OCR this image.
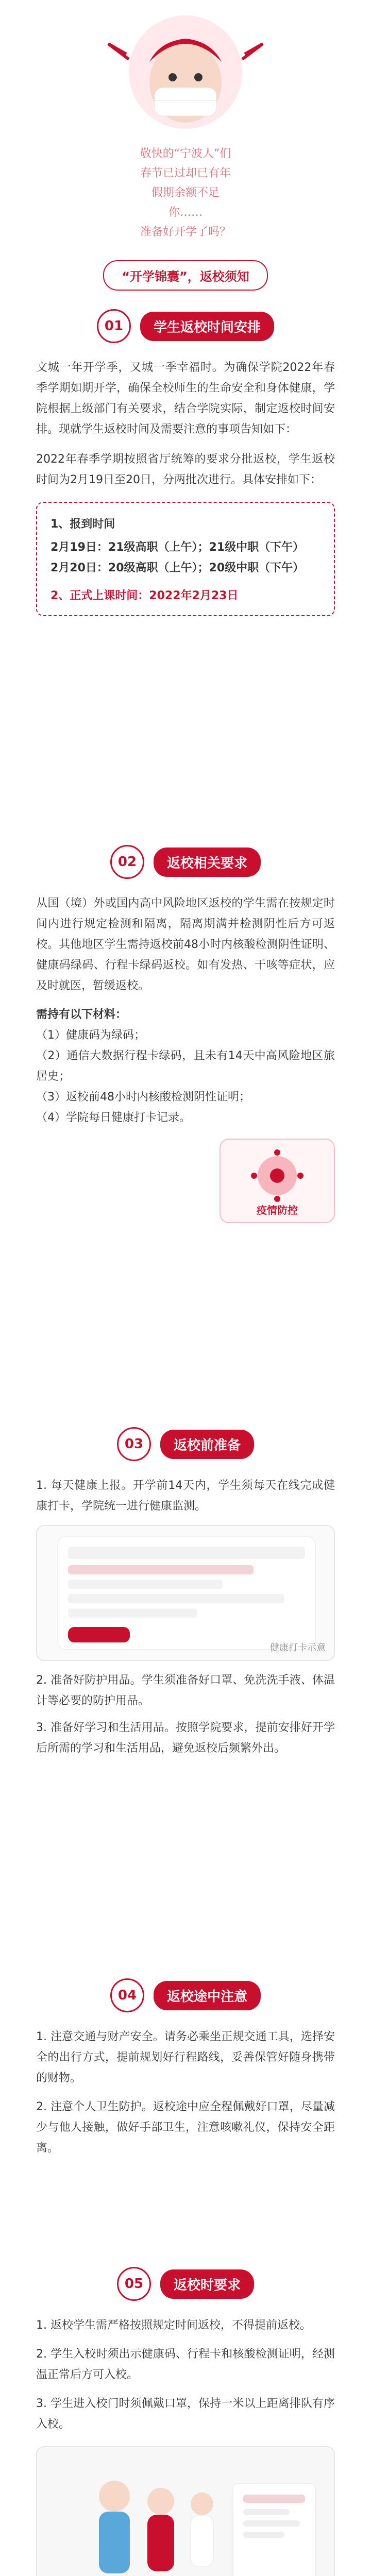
敬快的“宁波人”们
春节已过却已有年
假期余额不足
你……
准备好开学了吗？
“开学锦囊”，返校须知
01	学生返校时间安排
文城一年开学季，又城一季幸福时。为确保学院2022年春季学期如期开学，确保全校师生的生命安全和身体健康，学院根据上级部门有关要求，结合学院实际，制定返校时间安排。现就学生返校时间及需要注意的事项告知如下：
2022年春季学期按照省厅统筹的要求分批返校，学生返校时间为2月19日至20日，分两批次进行。具体安排如下：
1、报到时间
2月19日：21级高职（上午）；21级中职（下午）
2月20日：20级高职（上午）；20级中职（下午）
2、正式上课时间：2022年2月23日
02	返校相关要求
从国（境）外或国内高中风险地区返校的学生需在按规定时间内进行规定检测和隔离，隔离期满并检测阴性后方可返校。其他地区学生需持返校前48小时内核酸检测阴性证明、健康码绿码、行程卡绿码返校。如有发热、干咳等症状，应及时就医，暂缓返校。
需持有以下材料：
（1）健康码为绿码；
（2）通信大数据行程卡绿码，且未有14天中高风险地区旅居史；
（3）返校前48小时内核酸检测阴性证明；
（4）学院每日健康打卡记录。
疫情防控
03	返校前准备
1. 每天健康上报。开学前14天内，学生须每天在线完成健康打卡，学院统一进行健康监测。
健康打卡示意
2. 准备好防护用品。学生须准备好口罩、免洗洗手液、体温计等必要的防护用品。
3. 准备好学习和生活用品。按照学院要求，提前安排好开学后所需的学习和生活用品，避免返校后频繁外出。
04	返校途中注意
1. 注意交通与财产安全。请务必乘坐正规交通工具，选择安全的出行方式，提前规划好行程路线，妥善保管好随身携带的财物。
2. 注意个人卫生防护。返校途中应全程佩戴好口罩，尽量减少与他人接触，做好手部卫生，注意咳嗽礼仪，保持安全距离。
05	返校时要求
1. 返校学生需严格按照规定时间返校，不得提前返校。
2. 学生入校时须出示健康码、行程卡和核酸检测证明，经测温正常后方可入校。
3. 学生进入校门时须佩戴口罩，保持一米以上距离排队有序入校。
